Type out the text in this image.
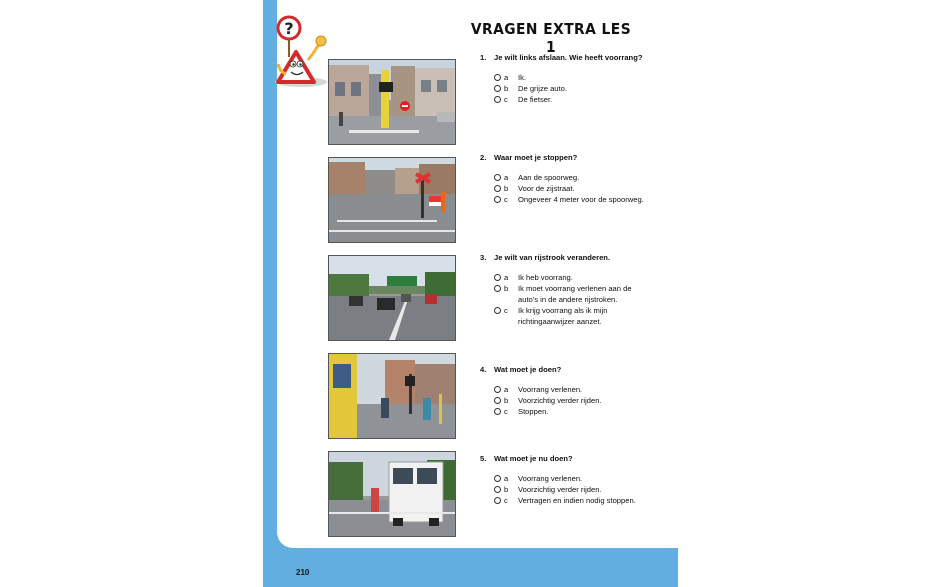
VRAGEN EXTRA LES 1
?
1. Je wilt links afslaan. Wie heeft voorrang?
a Ik.
b De grijze auto.
c De fietser.
2. Waar moet je stoppen?
a Aan de spoorweg.
b Voor de zijstraat.
c Ongeveer 4 meter voor de spoorweg.
3. Je wilt van rijstrook veranderen.
a Ik heb voorrang.
b Ik moet voorrang verlenen aan de auto's in de andere rijstroken.
c Ik krijg voorrang als ik mijn richtingaanwijzer aanzet.
4. Wat moet je doen?
a Voorrang verlenen.
b Voorzichtig verder rijden.
c Stoppen.
5. Wat moet je nu doen?
a Voorrang verlenen.
b Voorzichtig verder rijden.
c Vertragen en indien nodig stoppen.
210
